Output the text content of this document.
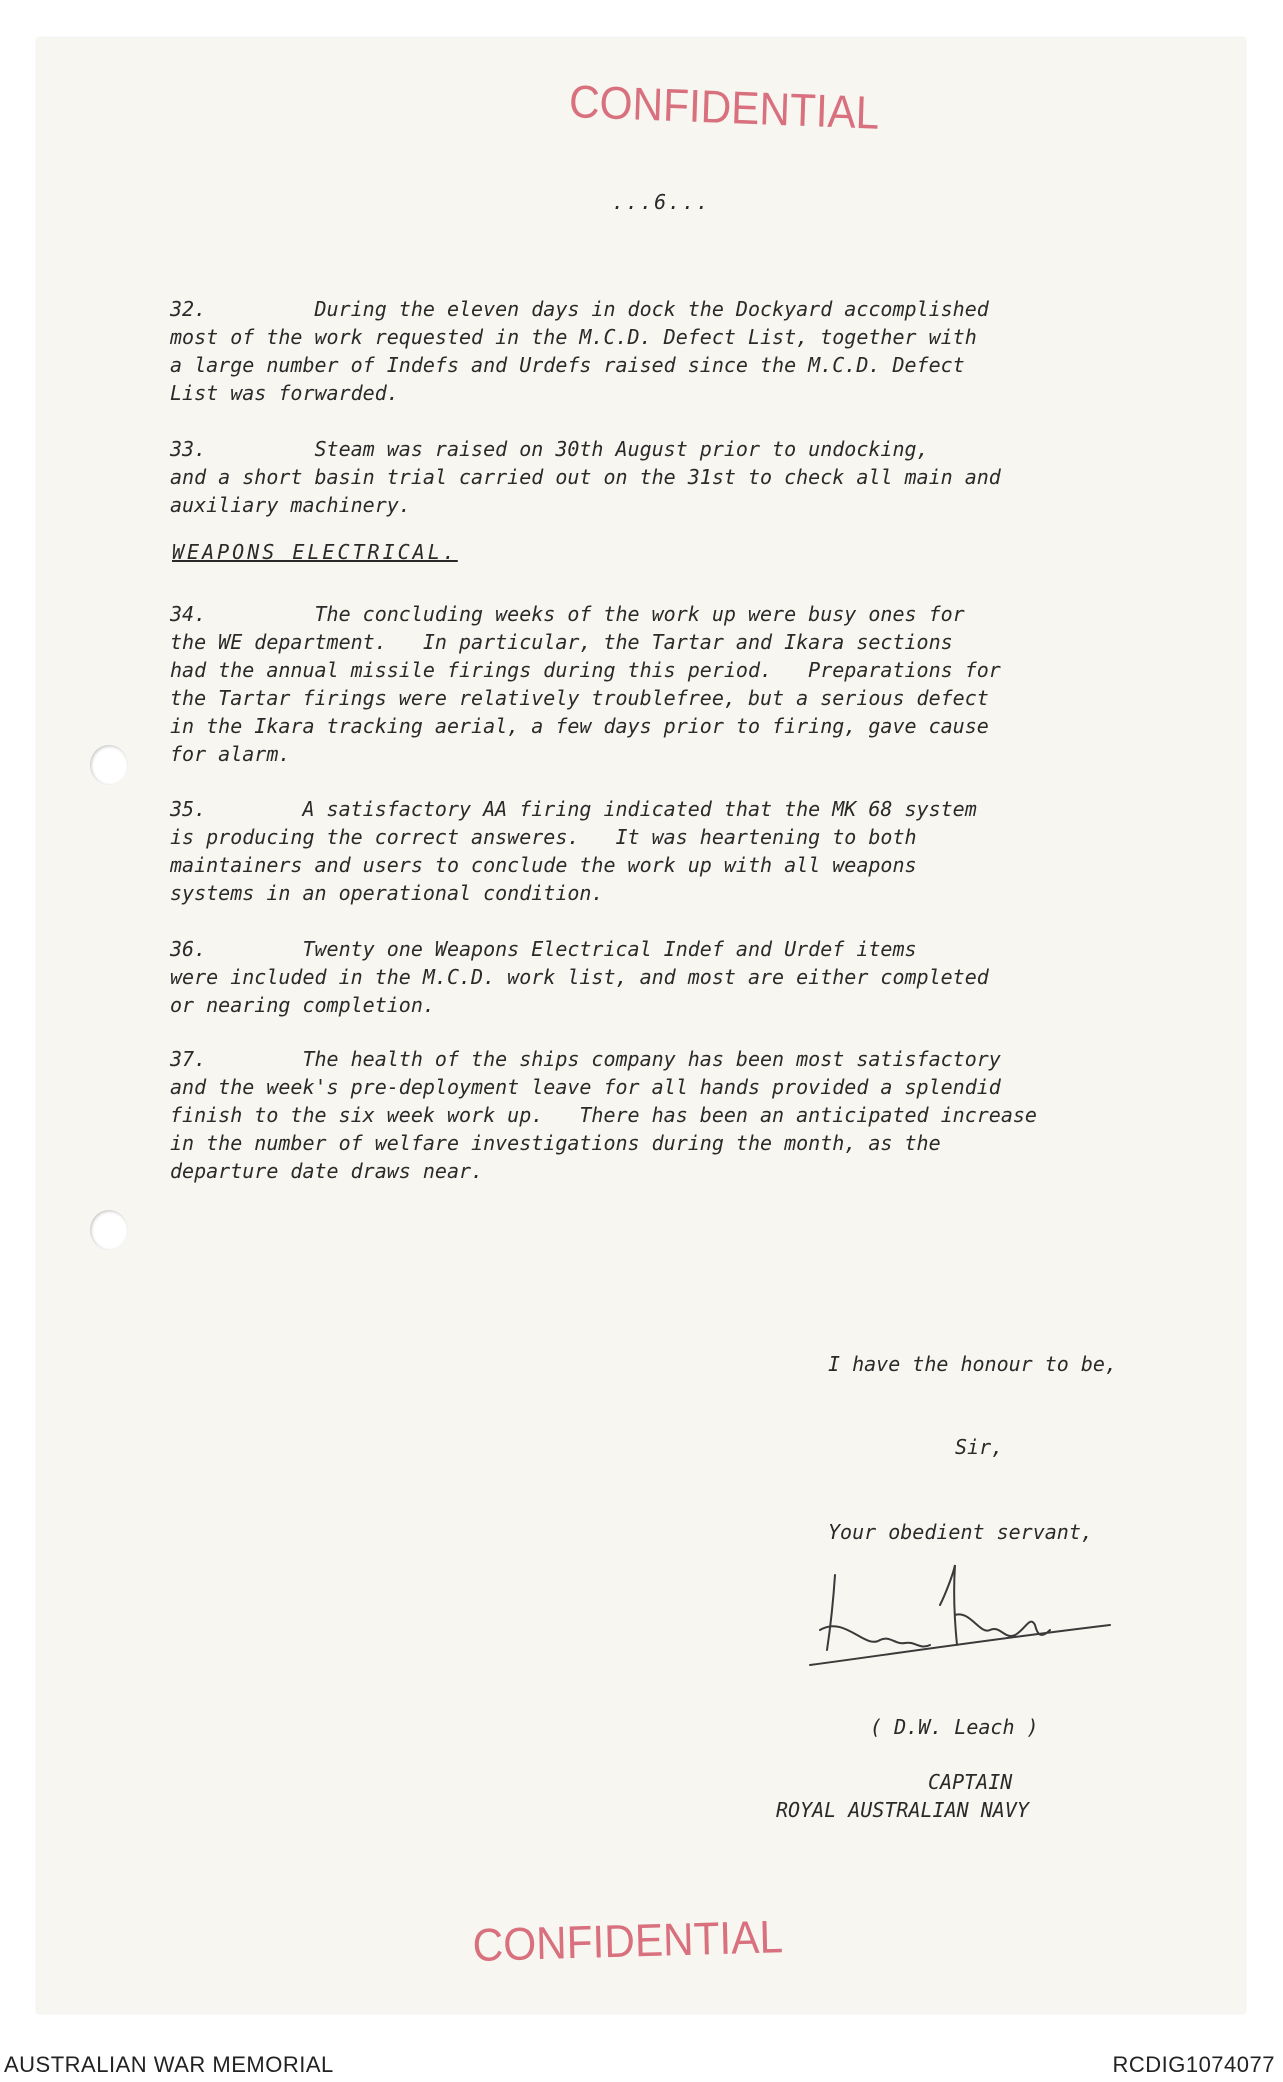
CONFIDENTIAL
...6...
32.         During the eleven days in dock the Dockyard accomplished
most of the work requested in the M.C.D. Defect List, together with
a large number of Indefs and Urdefs raised since the M.C.D. Defect
List was forwarded.
33.         Steam was raised on 30th August prior to undocking,
and a short basin trial carried out on the 31st to check all main and
auxiliary machinery.
WEAPONS ELECTRICAL.
34.         The concluding weeks of the work up were busy ones for
the WE department.   In particular, the Tartar and Ikara sections
had the annual missile firings during this period.   Preparations for
the Tartar firings were relatively troublefree, but a serious defect
in the Ikara tracking aerial, a few days prior to firing, gave cause
for alarm.
35.        A satisfactory AA firing indicated that the MK 68 system
is producing the correct answeres.   It was heartening to both
maintainers and users to conclude the work up with all weapons
systems in an operational condition.
36.        Twenty one Weapons Electrical Indef and Urdef items
were included in the M.C.D. work list, and most are either completed
or nearing completion.
37.        The health of the ships company has been most satisfactory
and the week's pre-deployment leave for all hands provided a splendid
finish to the six week work up.   There has been an anticipated increase
in the number of welfare investigations during the month, as the
departure date draws near.
I have the honour to be,
Sir,
Your obedient servant,
( D.W. Leach )
CAPTAIN
ROYAL AUSTRALIAN NAVY
CONFIDENTIAL
AUSTRALIAN WAR MEMORIAL	RCDIG1074077
